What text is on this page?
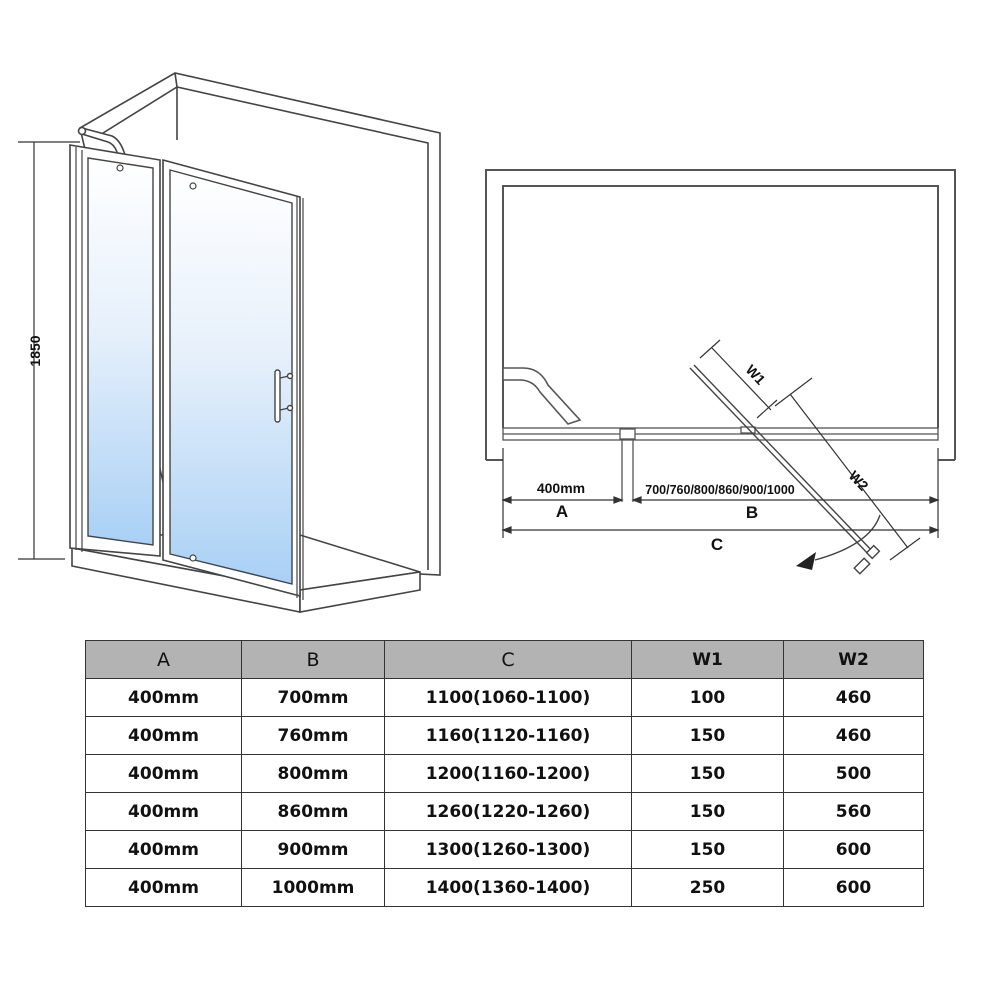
1850
W1
W2
400mm	700/760/800/860/900/1000
A	B
C
A	B	C	W1	W2
400mm	700mm	1100(1060-1100)	100	460
400mm	760mm	1160(1120-1160)	150	460
400mm	800mm	1200(1160-1200)	150	500
400mm	860mm	1260(1220-1260)	150	560
400mm	900mm	1300(1260-1300)	150	600
400mm	1000mm	1400(1360-1400)	250	600
